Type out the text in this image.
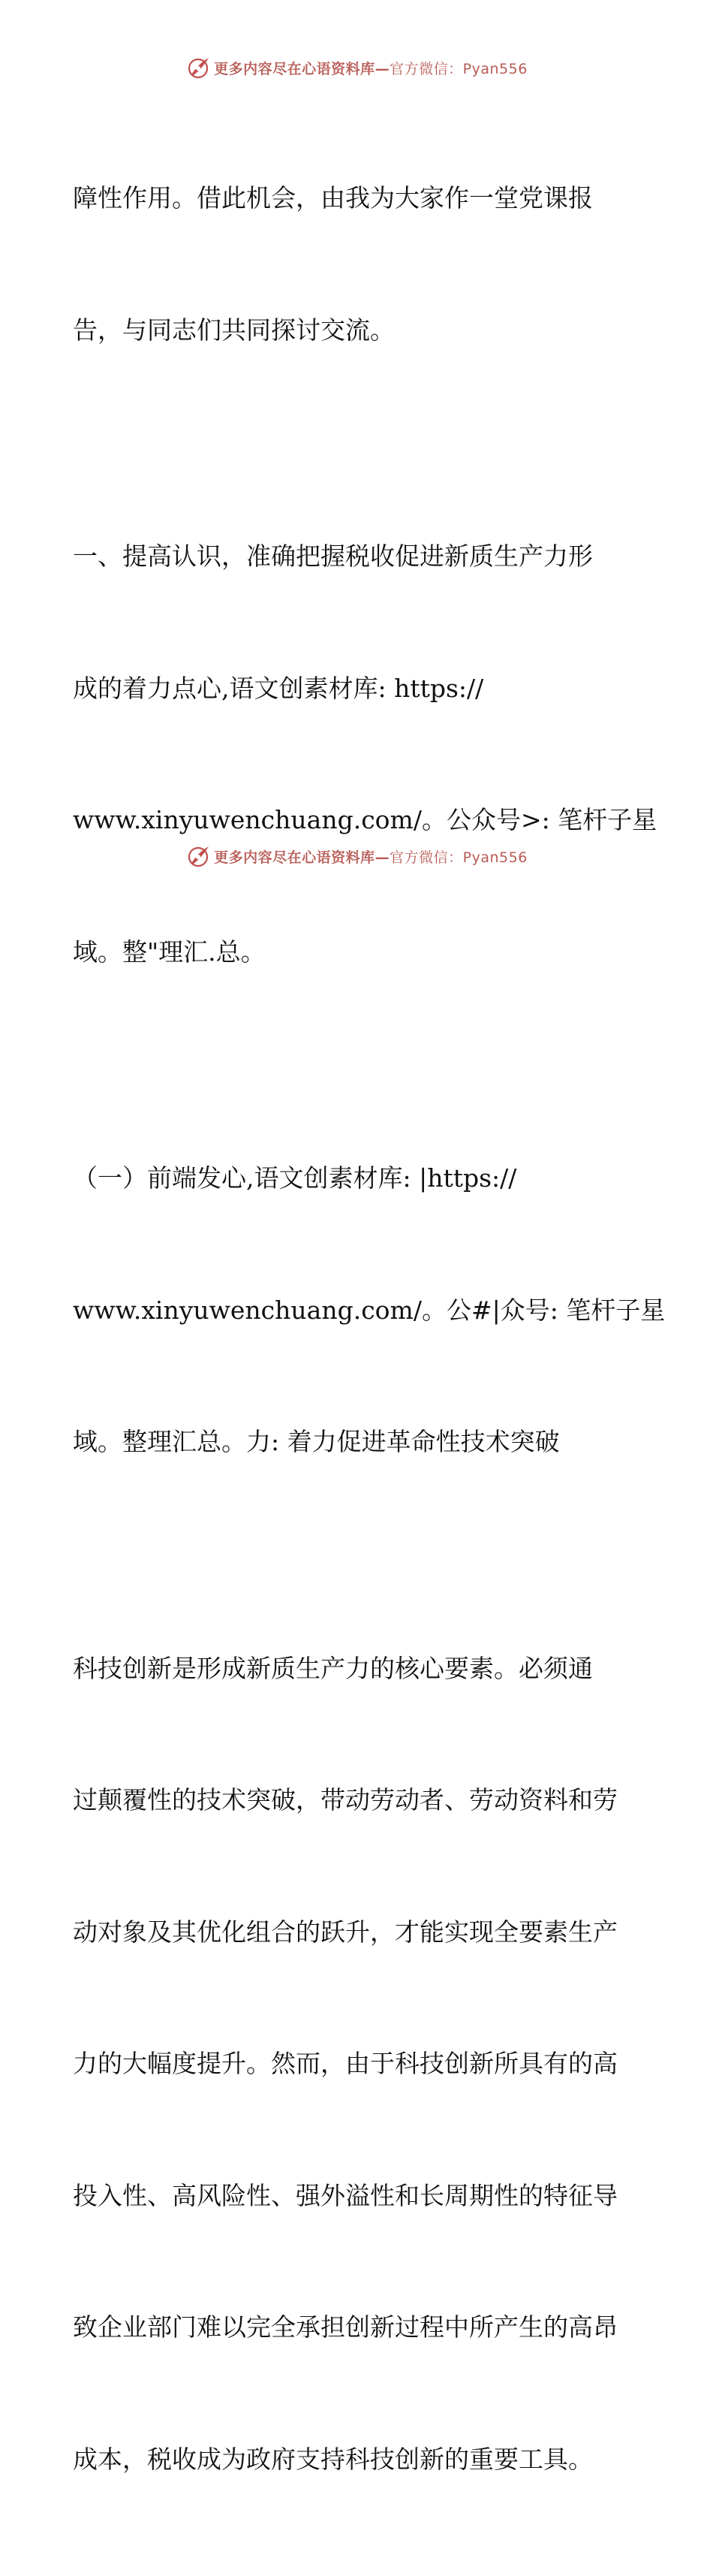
更多内容尽在心语资料库—官方微信：Pyan556

障性作用。借此机会，由我为大家作一堂党课报

告，与同志们共同探讨交流。

一、提高认识，准确把握税收促进新质生产力形

成的着力点心,语文创素材库: https://

www.xinyuwenchuang.com/。公众号>: 笔杆子星

域。整"理汇.总。

（一）前端发心,语文创素材库: |https://

www.xinyuwenchuang.com/。公#|众号: 笔杆子星

域。整理汇总。力: 着力促进革命性技术突破

科技创新是形成新质生产力的核心要素。必须通

过颠覆性的技术突破，带动劳动者、劳动资料和劳

动对象及其优化组合的跃升，才能实现全要素生产

力的大幅度提升。然而，由于科技创新所具有的高

投入性、高风险性、强外溢性和长周期性的特征导

致企业部门难以完全承担创新过程中所产生的高昂

成本，税收成为政府支持科技创新的重要工具。

更多内容尽在心语资料库—官方微信：Pyan556
